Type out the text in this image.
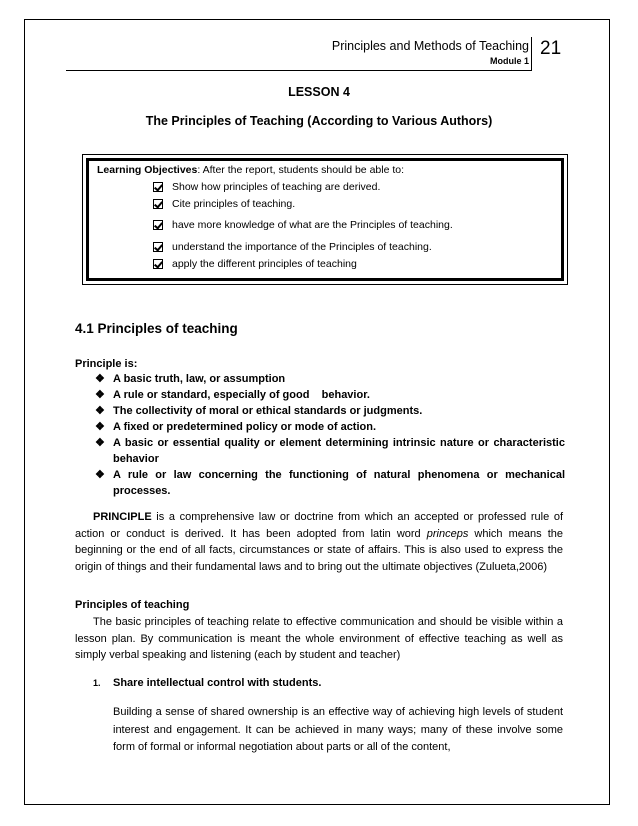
Principles and Methods of Teaching
Module 1
21
LESSON 4
The Principles of Teaching (According to Various Authors)
Learning Objectives: After the report, students should be able to:
Show how principles of teaching are derived.
Cite principles of teaching.
have more knowledge of what are the Principles of teaching.
understand the importance of the Principles of teaching.
apply the different principles of teaching
4.1 Principles of teaching
Principle is:
❖ A basic truth, law, or assumption
❖ A rule or standard, especially of good    behavior.
❖ The collectivity of moral or ethical standards or judgments.
❖ A fixed or predetermined policy or mode of action.
❖ A basic or essential quality or element determining intrinsic nature or characteristic behavior
❖ A rule or law concerning the functioning of natural phenomena or mechanical processes.
PRINCIPLE is a comprehensive law or doctrine from which an accepted or professed rule of action or conduct is derived. It has been adopted from latin word princeps which means the beginning or the end of all facts, circumstances or state of affairs. This is also used to express the origin of things and their fundamental laws and to bring out the ultimate objectives (Zulueta,2006)
Principles of teaching
The basic principles of teaching relate to effective communication and should be visible within a lesson plan. By communication is meant the whole environment of effective teaching as well as simply verbal speaking and listening (each by student and teacher)
1.	Share intellectual control with students.
Building a sense of shared ownership is an effective way of achieving high levels of student interest and engagement. It can be achieved in many ways; many of these involve some form of formal or informal negotiation about parts or all of the content,
